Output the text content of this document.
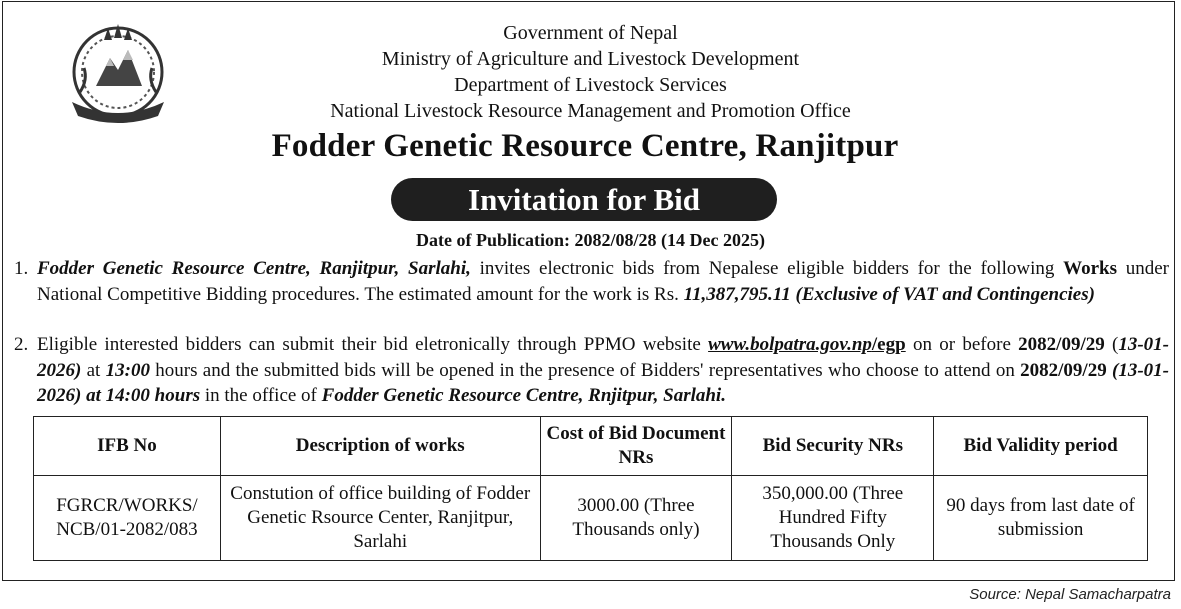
Government of Nepal
Ministry of Agriculture and Livestock Development
Department of Livestock Services
National Livestock Resource Management and Promotion Office
Fodder Genetic Resource Centre, Ranjitpur
Invitation for Bid
Date of Publication: 2082/08/28 (14 Dec 2025)
1. Fodder Genetic Resource Centre, Ranjitpur, Sarlahi, invites electronic bids from Nepalese eligible bidders for the following Works under National Competitive Bidding procedures. The estimated amount for the work is Rs. 11,387,795.11 (Exclusive of VAT and Contingencies)
2. Eligible interested bidders can submit their bid eletronically through PPMO website www.bolpatra.gov.np/egp on or before 2082/09/29 (13-01-2026) at 13:00 hours and the submitted bids will be opened in the presence of Bidders' representatives who choose to attend on 2082/09/29 (13-01-2026) at 14:00 hours in the office of Fodder Genetic Resource Centre, Rnjitpur, Sarlahi.
IFB No	Description of works	Cost of Bid Document NRs	Bid Security NRs	Bid Validity period
FGRCR/WORKS/ NCB/01-2082/083	Constution of office building of Fodder Genetic Rsource Center, Ranjitpur, Sarlahi	3000.00 (Three Thousands only)	350,000.00 (Three Hundred Fifty Thousands Only	90 days from last date of submission
Source: Nepal Samacharpatra
